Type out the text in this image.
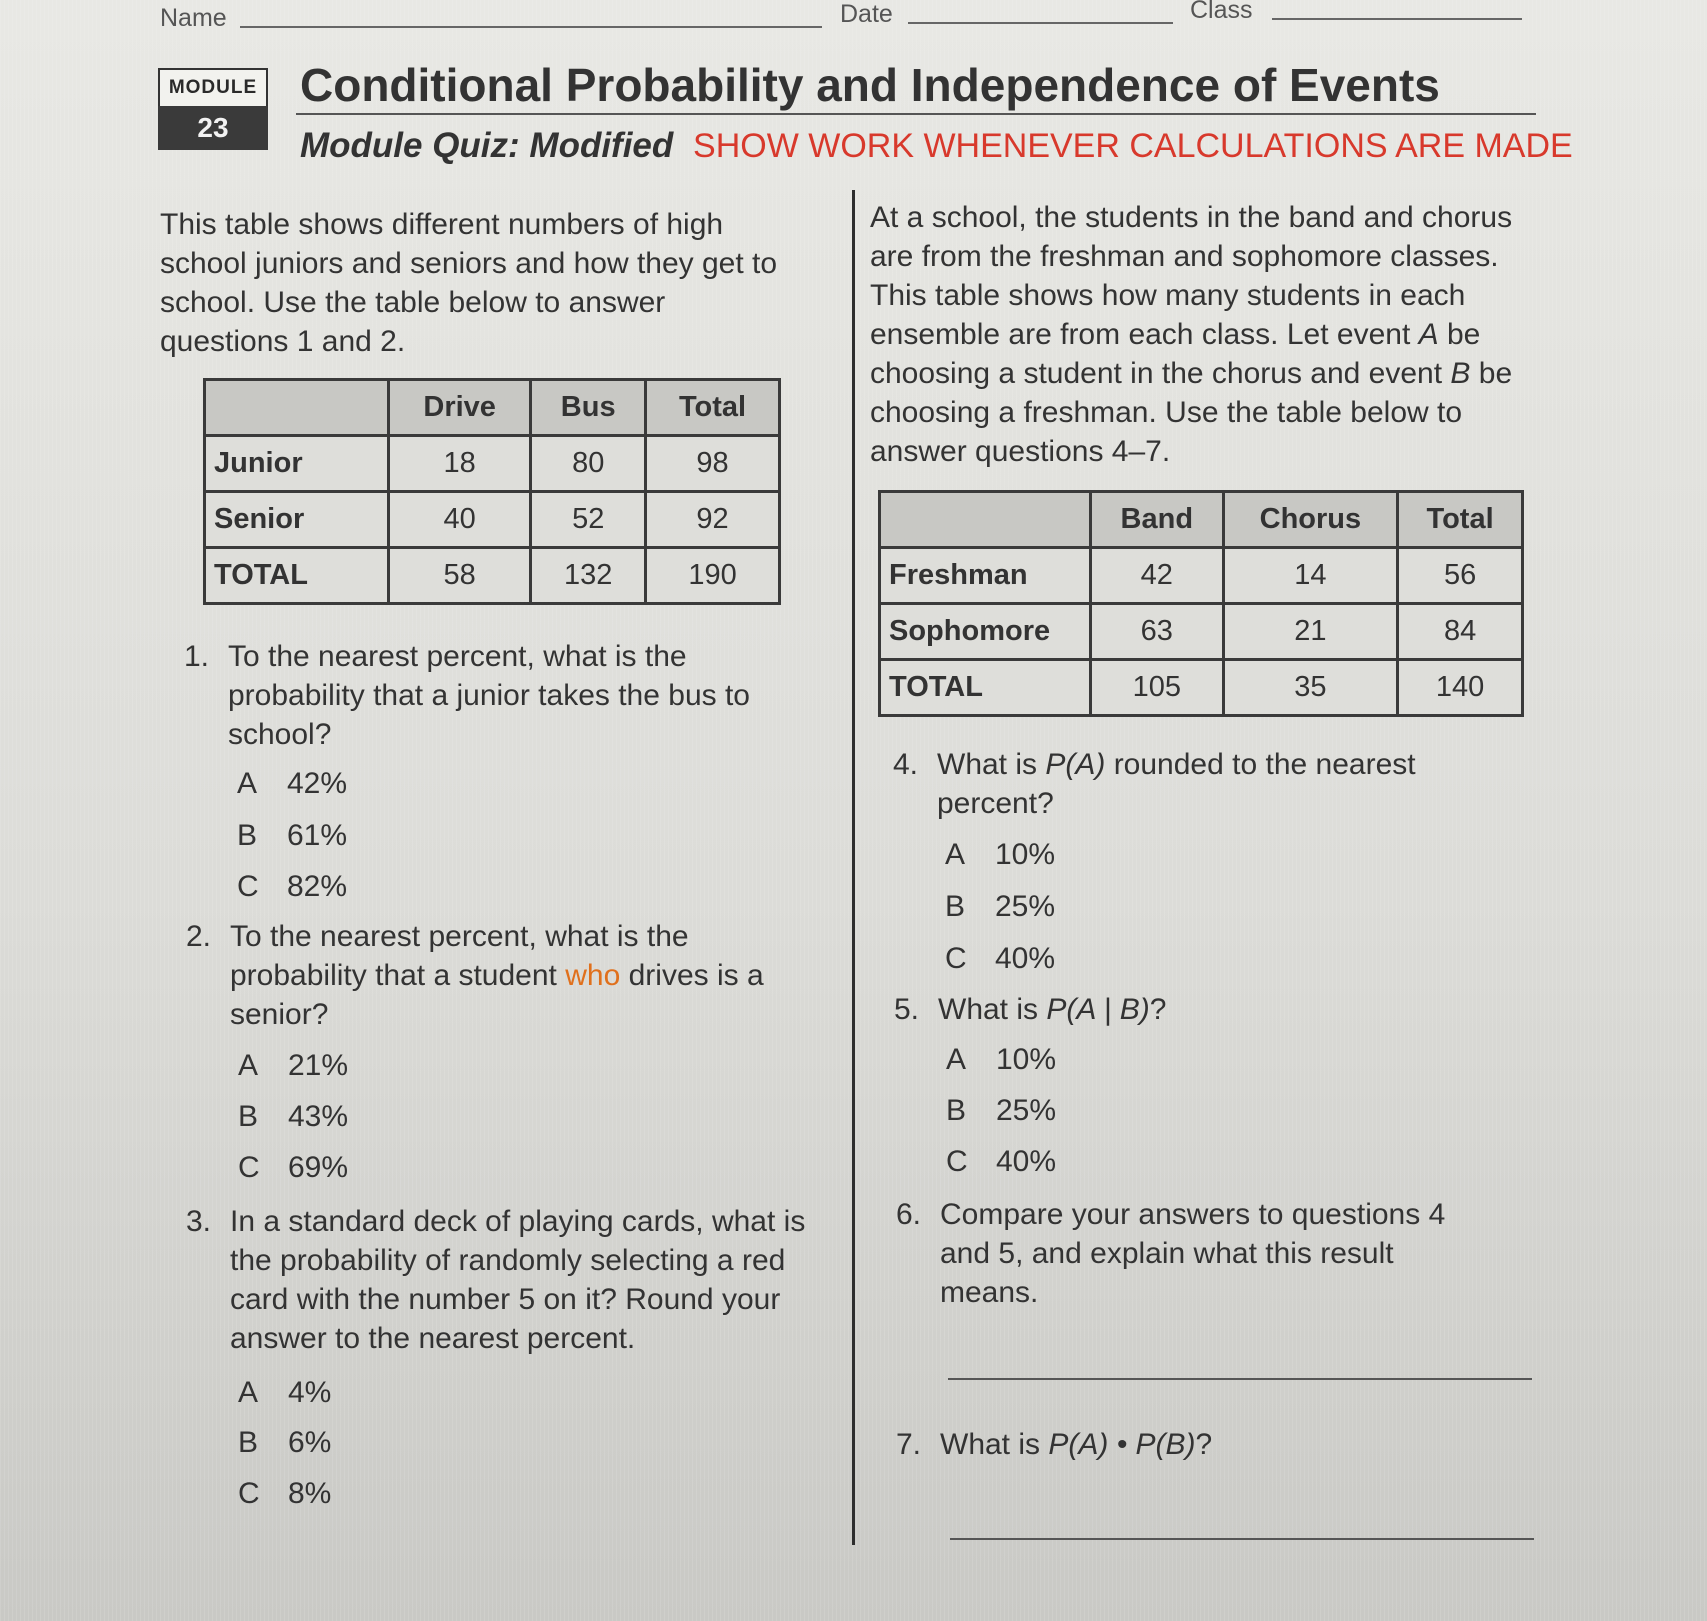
Name	Date	Class
MODULE
23
Conditional Probability and Independence of Events
Module Quiz: Modified SHOW WORK WHENEVER CALCULATIONS ARE MADE
This table shows different numbers of high school juniors and seniors and how they get to school. Use the table below to answer questions 1 and 2.
	Drive	Bus	Total
Junior	18	80	98
Senior	40	52	92
TOTAL	58	132	190
1. To the nearest percent, what is the probability that a junior takes the bus to school?
A 42%
B 61%
C 82%
2. To the nearest percent, what is the probability that a student who drives is a senior?
A 21%
B 43%
C 69%
3. In a standard deck of playing cards, what is the probability of randomly selecting a red card with the number 5 on it? Round your answer to the nearest percent.
A 4%
B 6%
C 8%
At a school, the students in the band and chorus are from the freshman and sophomore classes. This table shows how many students in each ensemble are from each class. Let event A be choosing a student in the chorus and event B be choosing a freshman. Use the table below to answer questions 4–7.
	Band	Chorus	Total
Freshman	42	14	56
Sophomore	63	21	84
TOTAL	105	35	140
4. What is P(A) rounded to the nearest percent?
A 10%
B 25%
C 40%
5. What is P(A | B)?
A 10%
B 25%
C 40%
6. Compare your answers to questions 4 and 5, and explain what this result means.
7. What is P(A) • P(B)?
